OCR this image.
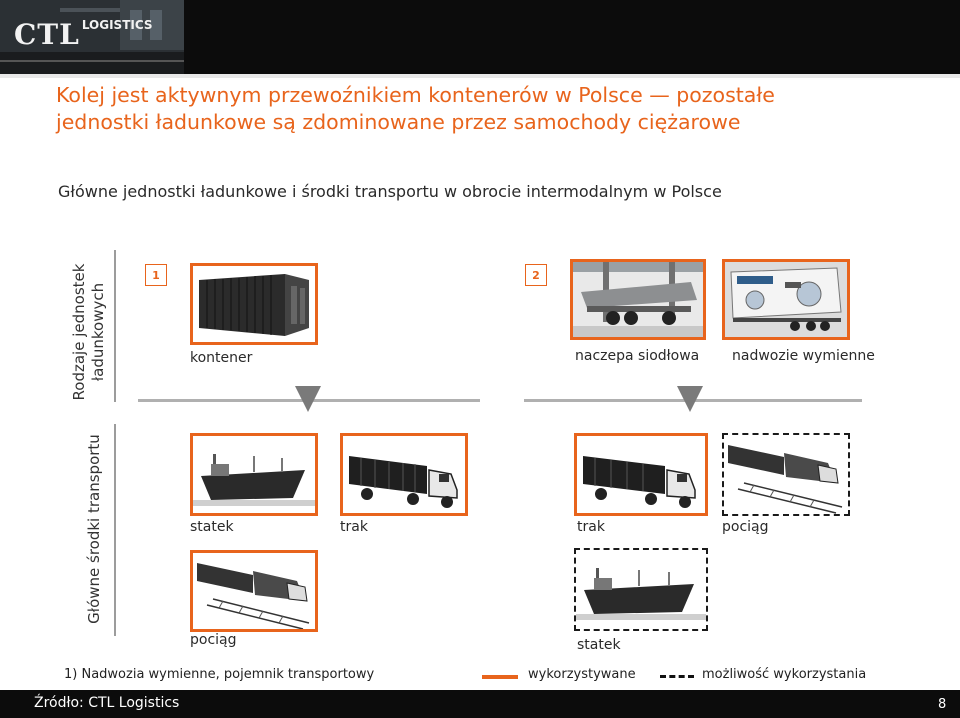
CTL $^{LOGISTICS}$
Kolej jest aktywnym przewoźnikiem kontenerów w Polsce — pozostałe
jednostki ładunkowe są zdominowane przez samochody ciężarowe
Główne jednostki ładunkowe i środki transportu w obrocie intermodalnym w Polsce
Rodzaje jednostek ładunkowych
Główne środki transportu
1
kontener
2
naczepa siodłowa nadwozie wymienne
statek	trak
pociąg
trak	pociąg
statek
1) Nadwozia wymienne, pojemnik transportowy	wykorzystywane	możliwość wykorzystania
Źródło: CTL Logistics	8
